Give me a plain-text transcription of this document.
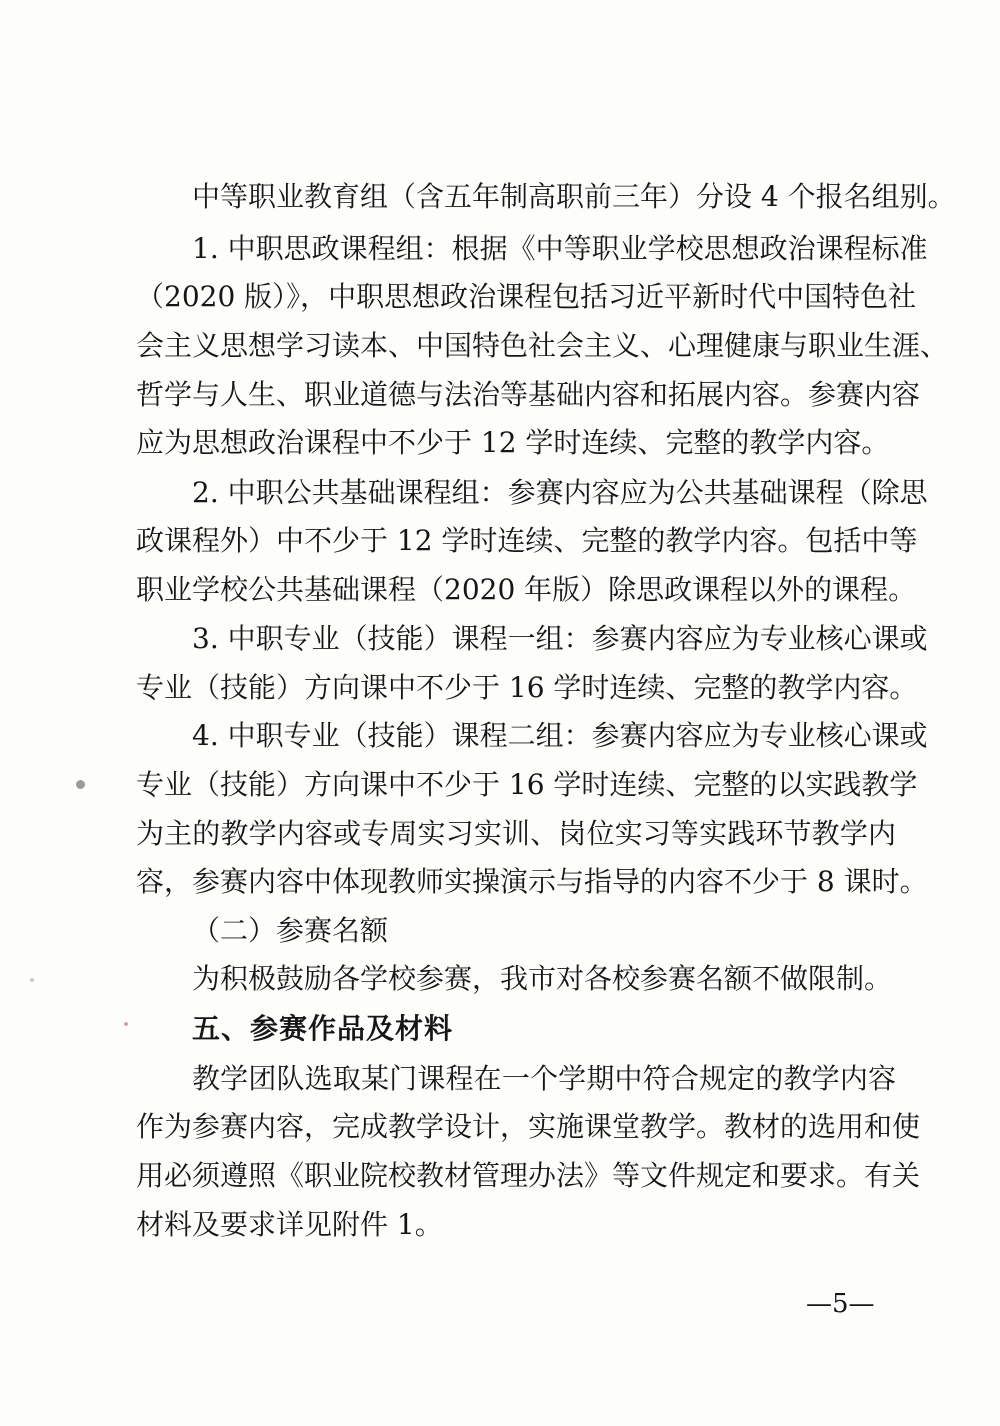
中等职业教育组（含五年制高职前三年）分设 4 个报名组别。
1. 中职思政课程组：根据《中等职业学校思想政治课程标准
（2020 版）》，中职思想政治课程包括习近平新时代中国特色社
会主义思想学习读本、中国特色社会主义、心理健康与职业生涯、
哲学与人生、职业道德与法治等基础内容和拓展内容。参赛内容
应为思想政治课程中不少于 12 学时连续、完整的教学内容。
2. 中职公共基础课程组：参赛内容应为公共基础课程（除思
政课程外）中不少于 12 学时连续、完整的教学内容。包括中等
职业学校公共基础课程（2020 年版）除思政课程以外的课程。
3. 中职专业（技能）课程一组：参赛内容应为专业核心课或
专业（技能）方向课中不少于 16 学时连续、完整的教学内容。
4. 中职专业（技能）课程二组：参赛内容应为专业核心课或
专业（技能）方向课中不少于 16 学时连续、完整的以实践教学
为主的教学内容或专周实习实训、岗位实习等实践环节教学内
容，参赛内容中体现教师实操演示与指导的内容不少于 8 课时。
（二）参赛名额
为积极鼓励各学校参赛，我市对各校参赛名额不做限制。
五、参赛作品及材料
教学团队选取某门课程在一个学期中符合规定的教学内容
作为参赛内容，完成教学设计，实施课堂教学。教材的选用和使
用必须遵照《职业院校教材管理办法》等文件规定和要求。有关
材料及要求详见附件 1。
—5—
